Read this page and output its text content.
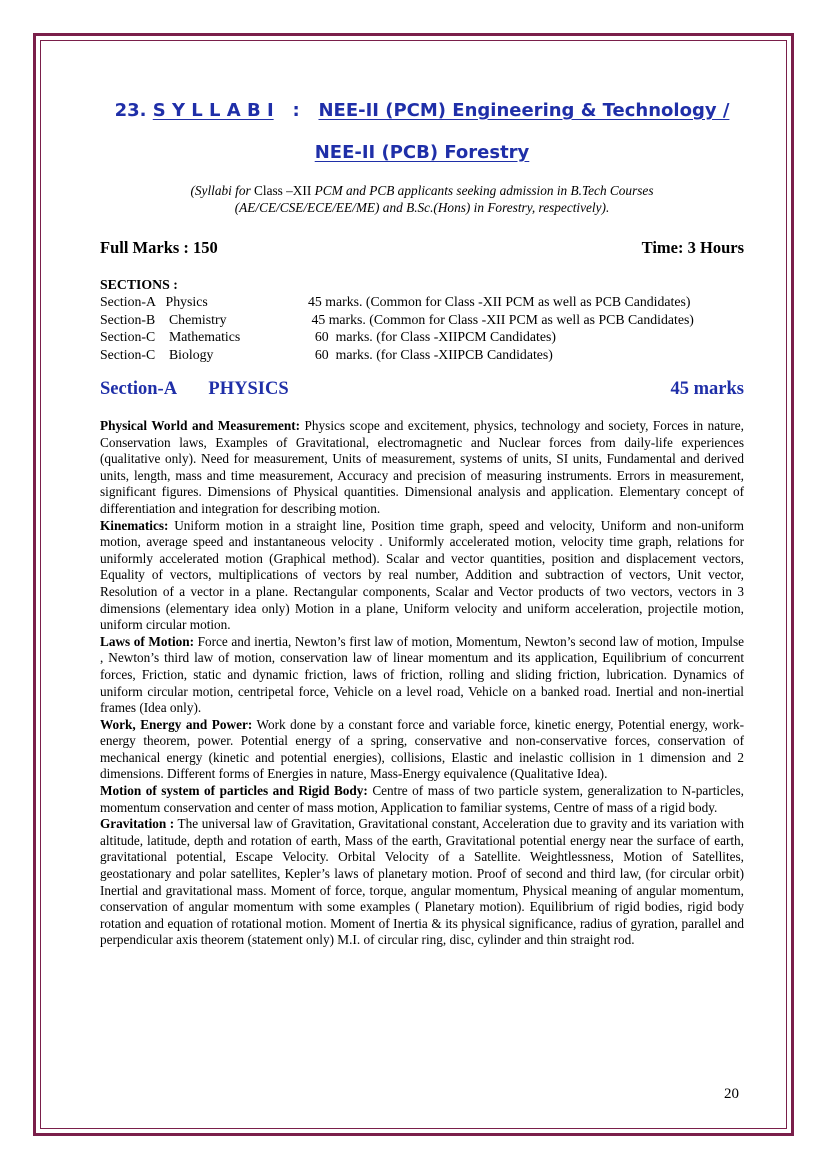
23. S Y L L A B I : NEE-II (PCM) Engineering & Technology /
NEE-II (PCB) Forestry
(Syllabi for Class –XII PCM and PCB applicants seeking admission in B.Tech Courses
(AE/CE/CSE/ECE/EE/ME) and B.Sc.(Hons) in Forestry, respectively).
Full Marks : 150	Time: 3 Hours
SECTIONS :
Section-A   Physics	45 marks. (Common for Class -XII PCM as well as PCB Candidates)
Section-B    Chemistry	45 marks. (Common for Class -XII PCM as well as PCB Candidates)
Section-C    Mathematics	60  marks. (for Class -XIIPCM Candidates)
Section-C    Biology	60  marks. (for Class -XIIPCB Candidates)
Section-A       PHYSICS	45 marks

Physical World and Measurement: Physics scope and excitement, physics, technology and society, Forces in nature, Conservation laws, Examples of Gravitational, electromagnetic and Nuclear forces from daily-life experiences (qualitative only). Need for measurement, Units of measurement, systems of units, SI units, Fundamental and derived units, length, mass and time measurement, Accuracy and precision of measuring instruments. Errors in measurement, significant figures. Dimensions of Physical quantities. Dimensional analysis and application. Elementary concept of differentiation and integration for describing motion.

Kinematics: Uniform motion in a straight line, Position time graph, speed and velocity, Uniform and non-uniform motion, average speed and instantaneous velocity . Uniformly accelerated motion, velocity time graph, relations for uniformly accelerated motion (Graphical method). Scalar and vector quantities, position and displacement vectors, Equality of vectors, multiplications of vectors by real number, Addition and subtraction of vectors, Unit vector, Resolution of a vector in a plane. Rectangular components, Scalar and Vector products of two vectors, vectors in 3 dimensions (elementary idea only) Motion in a plane, Uniform velocity and uniform acceleration, projectile motion, uniform circular motion.

Laws of Motion: Force and inertia, Newton’s first law of motion, Momentum, Newton’s second law of motion, Impulse , Newton’s third law of motion, conservation law of linear momentum and its application, Equilibrium of concurrent forces, Friction, static and dynamic friction, laws of friction, rolling and sliding friction, lubrication. Dynamics of uniform circular motion, centripetal force, Vehicle on a level road, Vehicle on a banked road. Inertial and non-inertial frames (Idea only).

Work, Energy and Power: Work done by a constant force and variable force, kinetic energy, Potential energy, work-energy theorem, power. Potential energy of a spring, conservative and non-conservative forces, conservation of mechanical energy (kinetic and potential energies), collisions, Elastic and inelastic collision in 1 dimension and 2 dimensions. Different forms of Energies in nature, Mass-Energy equivalence (Qualitative Idea).

Motion of system of particles and Rigid Body: Centre of mass of two particle system, generalization to N-particles, momentum conservation and center of mass motion, Application to familiar systems, Centre of mass of a rigid body.

Gravitation : The universal law of Gravitation, Gravitational constant, Acceleration due to gravity and its variation with altitude, latitude, depth and rotation of earth, Mass of the earth, Gravitational potential energy near the surface of earth, gravitational potential, Escape Velocity. Orbital Velocity of a Satellite. Weightlessness, Motion of Satellites, geostationary and polar satellites, Kepler’s laws of planetary motion. Proof of second and third law, (for circular orbit) Inertial and gravitational mass. Moment of force, torque, angular momentum, Physical meaning of angular momentum, conservation of angular momentum with some examples ( Planetary motion). Equilibrium of rigid bodies, rigid body rotation and equation of rotational motion. Moment of Inertia & its physical significance, radius of gyration, parallel and perpendicular axis theorem (statement only) M.I. of circular ring, disc, cylinder and thin straight rod.

20
